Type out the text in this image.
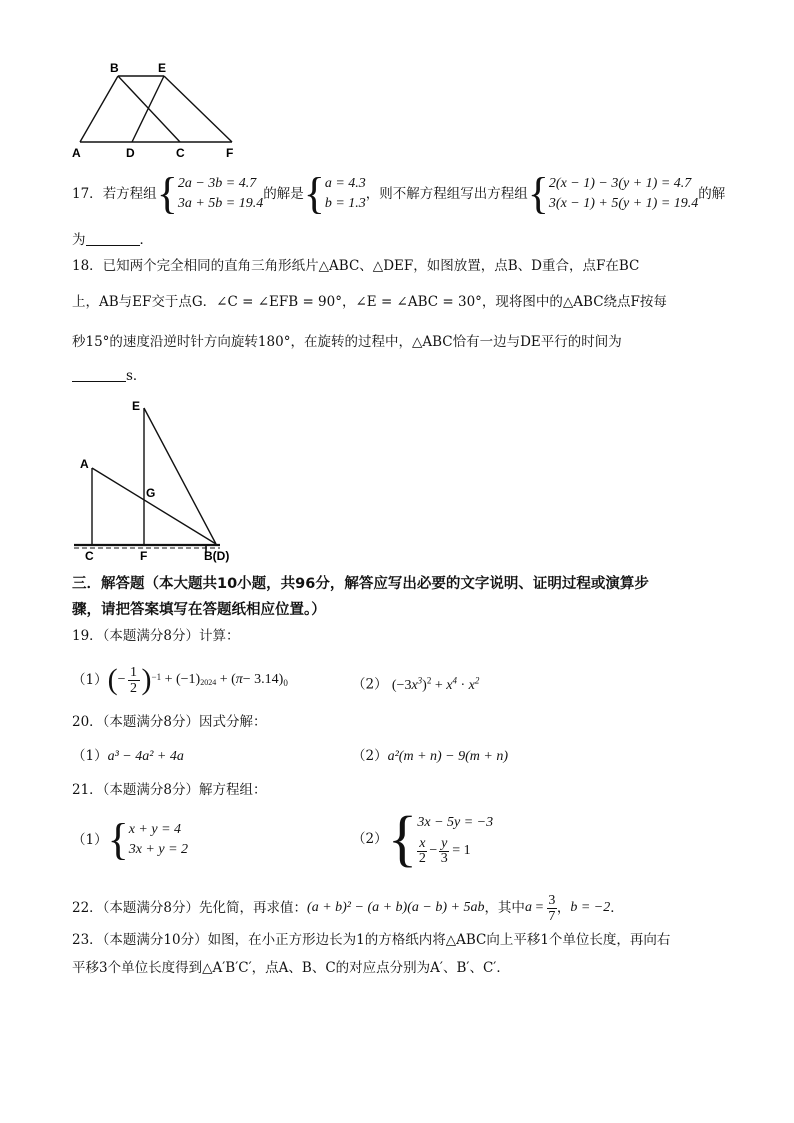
B	E
A	D	C	F
17． 若方程组 { 2a − 3b = 4.7
3a + 5b = 19.4
的解是 { a = 4.3
b = 1.3
，则不解方程组写出方程组 { 2(x − 1) − 3(y + 1) = 4.7
3(x − 1) + 5(y + 1) = 19.4
的解
为	．
18．已知两个完全相同的直角三角形纸片△ABC、△DEF，如图放置，点B、D重合，点F在BC
上，AB与EF交于点G．∠C = ∠EFB = 90°，∠E = ∠ABC = 30°，现将图中的△ABC绕点F按每
秒15°的速度沿逆时针方向旋转180°，在旋转的过程中，△ABC恰有一边与DE平行的时间为
s．
E
A
G
C	F	B(D)
三．解答题（本大题共10小题，共96分，解答应写出必要的文字说明、证明过程或演算步
骤，请把答案填写在答题纸相应位置。）
19．（本题满分8分）计算：
（1） ( − $\frac{1}{2} )^{-1} + (-1)$ 2024 + ( π − 3.14) 0	（2） $(-3x^3)^2 + x^4 \cdot x^2$
20．（本题满分8分）因式分解：
（1）a³ − 4a² + 4a	（2）a²(m + n) − 9(m + n)
21．（本题满分8分）解方程组：
（1） { x + y = 4
3x + y = 2
（2） { 3x − 5y = −3
x
$2 - \frac{y}{3} = 1$
22．（本题满分8分）先化简，再求值： (a + b)² − (a + b)(a − b) + 5ab ，其中 $a = \frac{3}{7}$ ， b = −2 ．
23．（本题满分10分）如图，在小正方形边长为1的方格纸内将△ABC向上平移1个单位长度，再向右
平移3个单位长度得到△A′B′C′，点A、B、C的对应点分别为A′、B′、C′．
